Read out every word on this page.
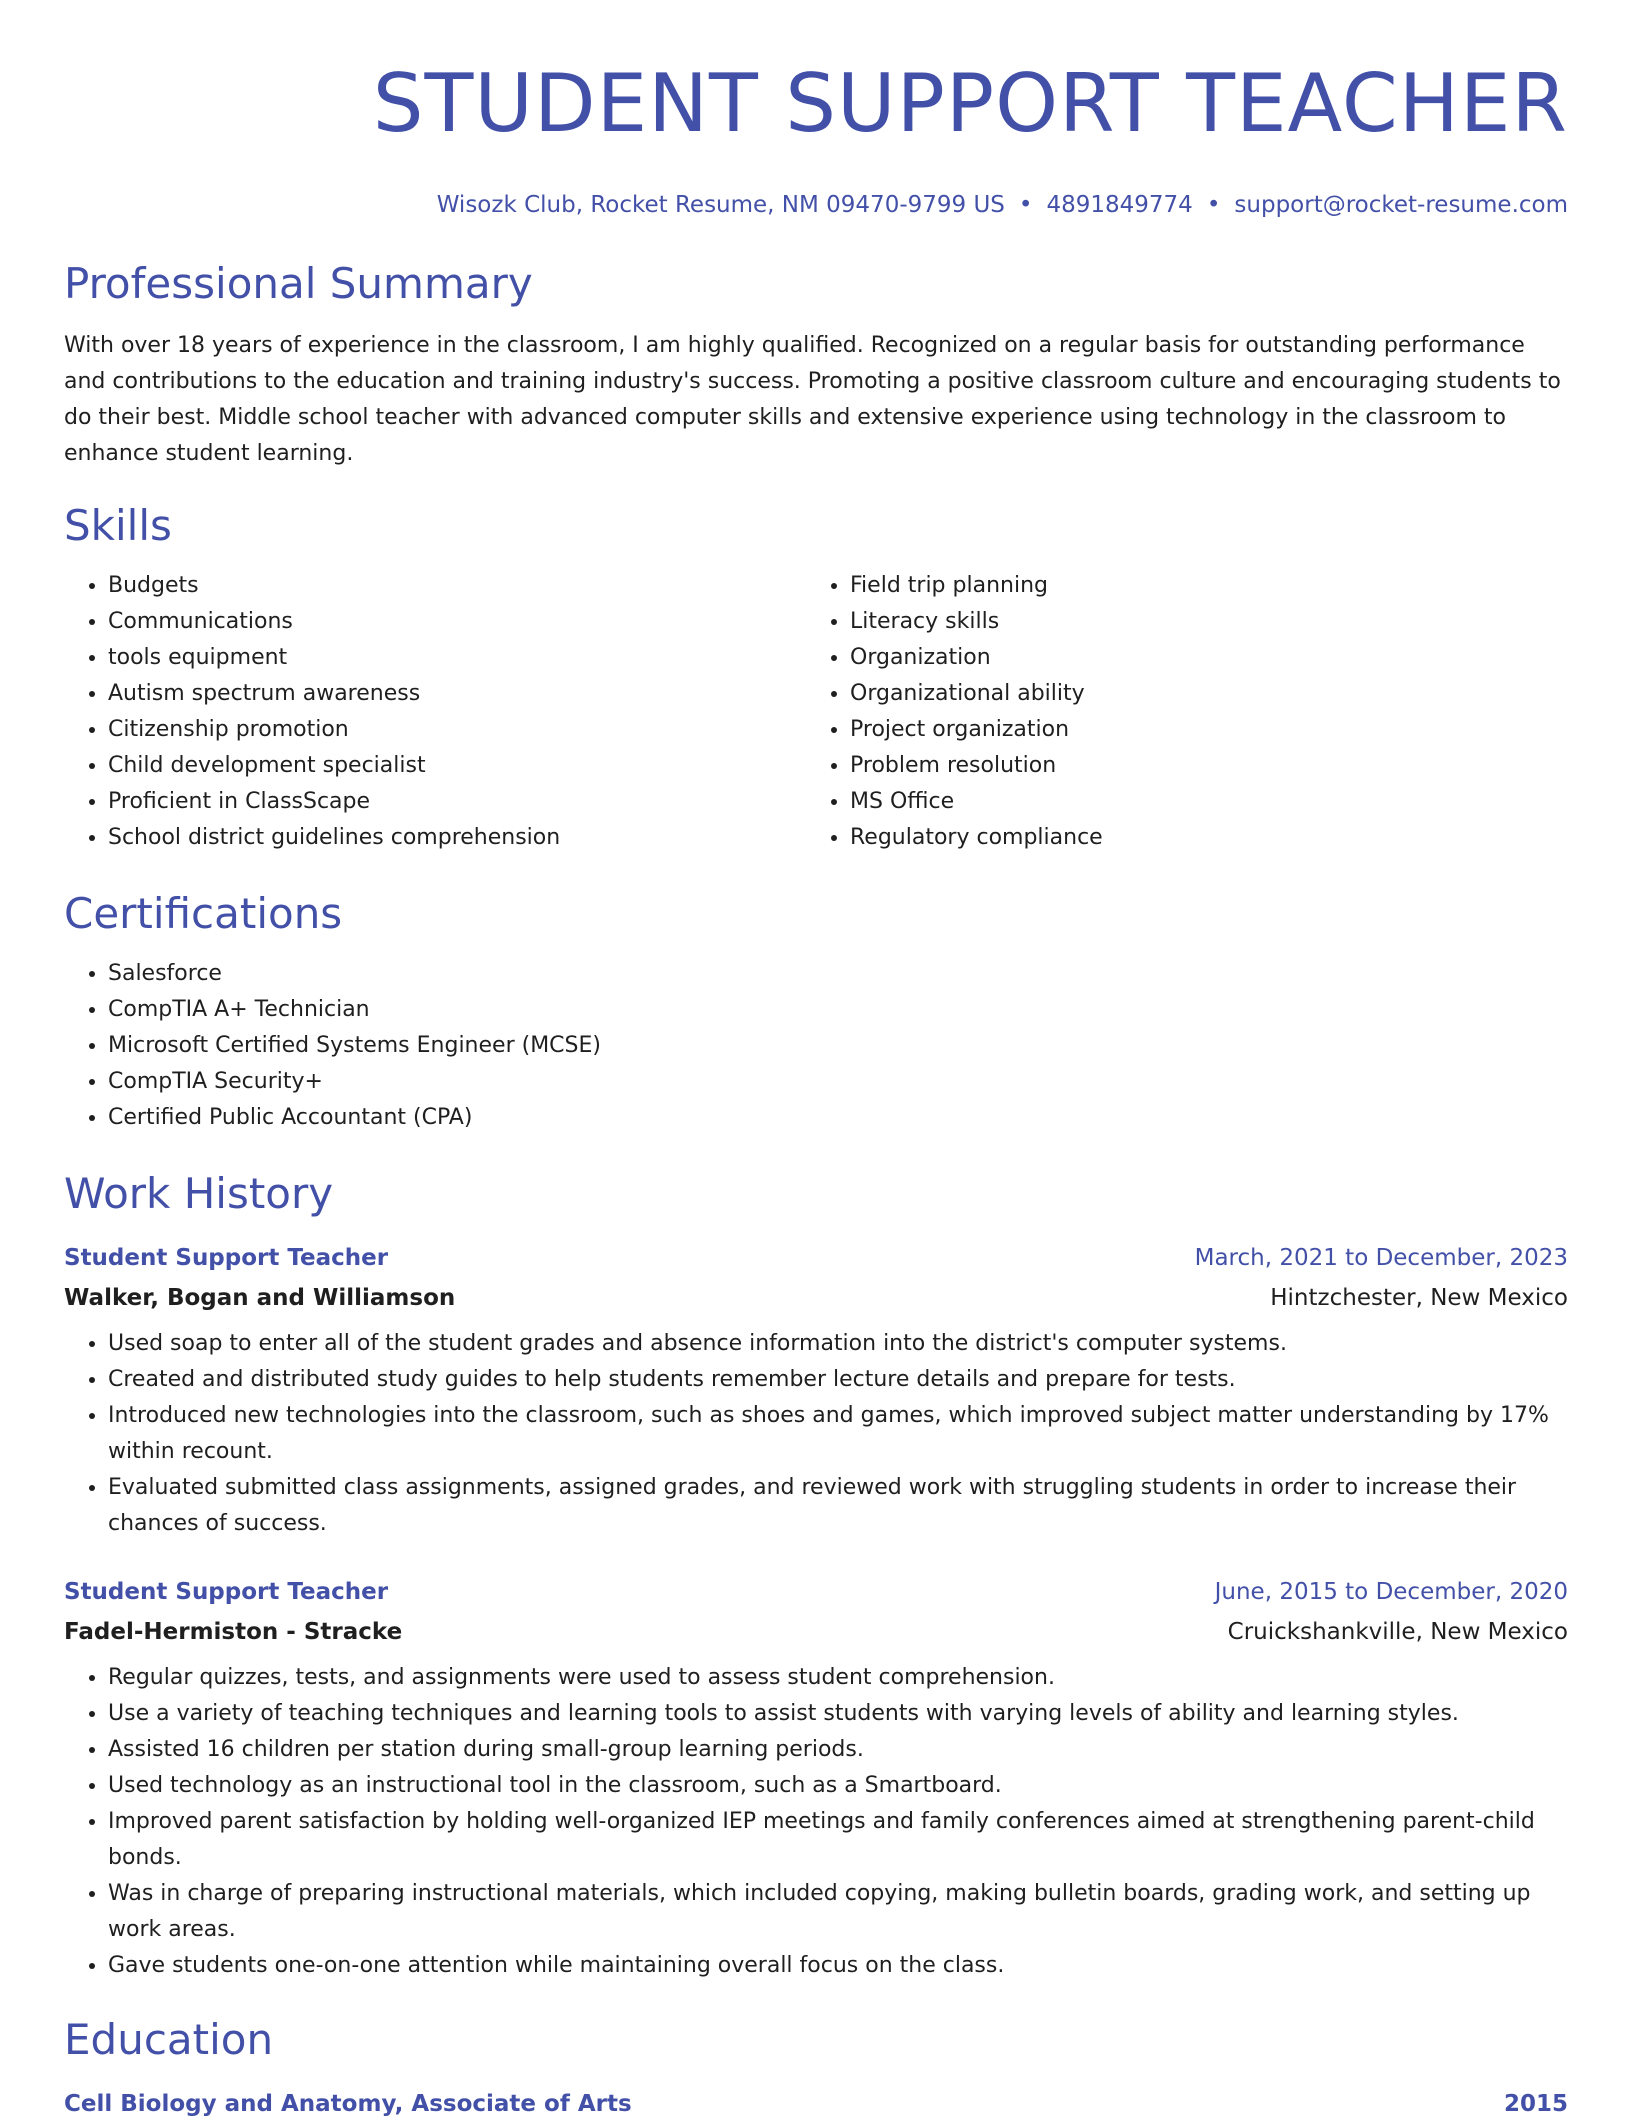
STUDENT SUPPORT TEACHER
Wisozk Club, Rocket Resume, NM 09470-9799 US • 4891849774 • support@rocket-resume.com
Professional Summary

With over 18 years of experience in the classroom, I am highly qualified. Recognized on a regular basis for outstanding performance and contributions to the education and training industry's success. Promoting a positive classroom culture and encouraging students to do their best. Middle school teacher with advanced computer skills and extensive experience using technology in the classroom to enhance student learning.

Skills
• Budgets
• Communications
• tools equipment
• Autism spectrum awareness
• Citizenship promotion
• Child development specialist
• Proficient in ClassScape
• School district guidelines comprehension
• Field trip planning
• Literacy skills
• Organization
• Organizational ability
• Project organization
• Problem resolution
• MS Office
• Regulatory compliance
Certifications
• Salesforce
• CompTIA A+ Technician
• Microsoft Certified Systems Engineer (MCSE)
• CompTIA Security+
• Certified Public Accountant (CPA)
Work History
Student Support Teacher	March, 2021 to December, 2023
Walker, Bogan and Williamson	Hintzchester, New Mexico
• Used soap to enter all of the student grades and absence information into the district's computer systems.
• Created and distributed study guides to help students remember lecture details and prepare for tests.
• Introduced new technologies into the classroom, such as shoes and games, which improved subject matter understanding by 17% within recount.
• Evaluated submitted class assignments, assigned grades, and reviewed work with struggling students in order to increase their chances of success.
Student Support Teacher	June, 2015 to December, 2020
Fadel-Hermiston - Stracke	Cruickshankville, New Mexico
• Regular quizzes, tests, and assignments were used to assess student comprehension.
• Use a variety of teaching techniques and learning tools to assist students with varying levels of ability and learning styles.
• Assisted 16 children per station during small-group learning periods.
• Used technology as an instructional tool in the classroom, such as a Smartboard.
• Improved parent satisfaction by holding well-organized IEP meetings and family conferences aimed at strengthening parent-child bonds.
• Was in charge of preparing instructional materials, which included copying, making bulletin boards, grading work, and setting up work areas.
• Gave students one-on-one attention while maintaining overall focus on the class.
Education
Cell Biology and Anatomy, Associate of Arts	2015
